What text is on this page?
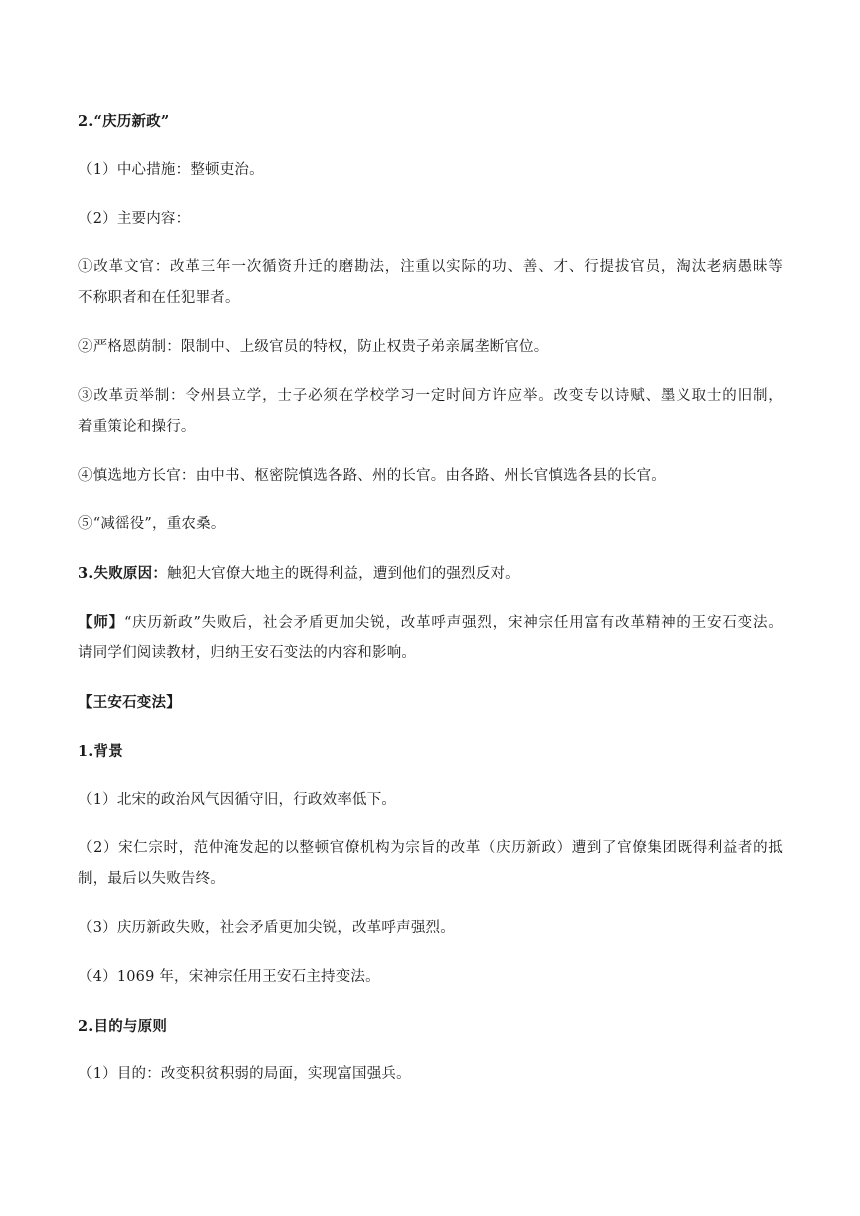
2.“庆历新政”
（1）中心措施：整顿吏治。
（2）主要内容：
①改革文官：改革三年一次循资升迁的磨勘法，注重以实际的功、善、才、行提拔官员，淘汰老病愚昧等
不称职者和在任犯罪者。
②严格恩荫制：限制中、上级官员的特权，防止权贵子弟亲属垄断官位。
③改革贡举制：令州县立学，士子必须在学校学习一定时间方许应举。改变专以诗赋、墨义取士的旧制，
着重策论和操行。
④慎选地方长官：由中书、枢密院慎选各路、州的长官。由各路、州长官慎选各县的长官。
⑤“减徭役”，重农桑。
3.失败原因：触犯大官僚大地主的既得利益，遭到他们的强烈反对。
【师】“庆历新政”失败后，社会矛盾更加尖锐，改革呼声强烈，宋神宗任用富有改革精神的王安石变法。
请同学们阅读教材，归纳王安石变法的内容和影响。
【王安石变法】
1.背景
（1）北宋的政治风气因循守旧，行政效率低下。
（2）宋仁宗时，范仲淹发起的以整顿官僚机构为宗旨的改革（庆历新政）遭到了官僚集团既得利益者的抵
制，最后以失败告终。
（3）庆历新政失败，社会矛盾更加尖锐，改革呼声强烈。
（4）1069 年，宋神宗任用王安石主持变法。
2.目的与原则
（1）目的：改变积贫积弱的局面，实现富国强兵。
